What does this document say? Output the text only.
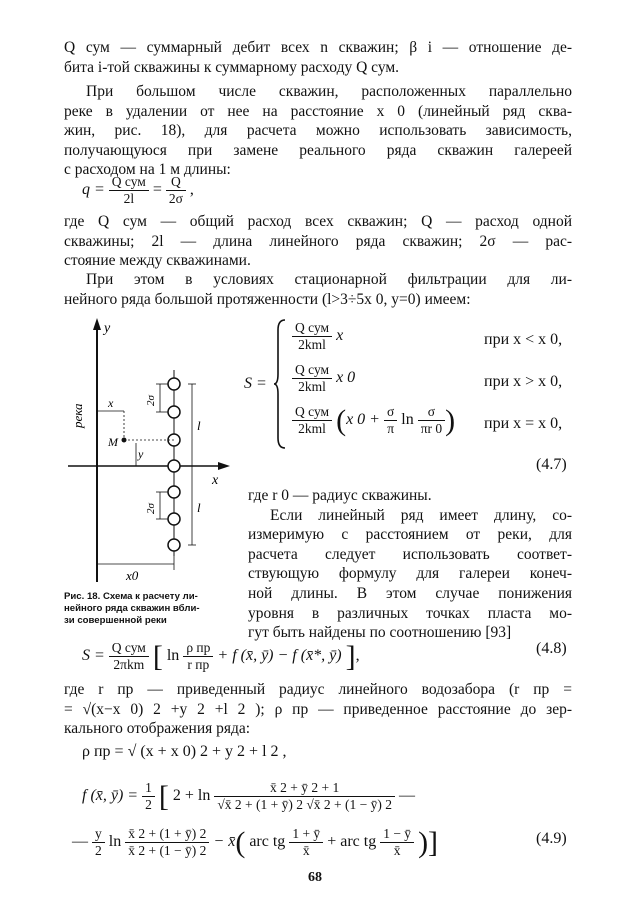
Q сум — суммарный дебит всех n скважин; β i — отношение де-
бита i-той скважины к суммарному расходу Q сум.
При большом числе скважин, расположенных параллельно
реке в удалении от нее на расстояние x 0 (линейный ряд сква-
жин, рис. 18), для расчета можно использовать зависимость,
получающуюся при замене реального ряда скважин галереей
с расходом на 1 м длины:
$q = \frac{\text{Q сум}}{2l} = \frac{Q}{2\sigma}$ ,
где Q сум — общий расход всех скважин; Q — расход одной
скважины; 2l — длина линейного ряда скважин; 2σ — рас-
стояние между скважинами.
При этом в условиях стационарной фильтрации для ли-
нейного ряда большой протяженности (l>3÷5x 0, y=0) имеем:
y
река
x
2σ
2σ
l
l
M
x
y
x0
Рис. 18. Схема к расчету ли-
нейного ряда скважин вбли-
зи совершенной реки
S =
$\frac{\text{Q сум}}{\text{2kml}}$ x	при x < x 0,
$\frac{\text{Q сум}}{\text{2kml}}$ x 0	при x > x 0,
$\frac{\text{Q сум}}{\text{2kml}} (x$ $0 + \frac{\sigma}{\pi}$ $\ln \frac{\sigma}{\pi r 0}$ ) при x = x 0,
(4.7)
где r 0 — радиус скважины.
Если линейный ряд имеет длину, со-
измеримую с расстоянием от реки, для
расчета следует использовать соответ-
ствующую формулу для галереи конеч-
ной длины. В этом случае понижения
уровня в различных точках пласта мо-
гут быть найдены по соотношению [93]
$S = \frac{\text{Q сум}}{\text{2πkm}}$ [ $\ln \frac{\text{ρ пр}}{\text{r пр}} + f$ (x̄, ȳ) − f (x̄*, ȳ) ],	(4.8)
где r пр — приведенный радиус линейного водозабора (r пр =
= √(x−x 0) 2 +y 2 +l 2 ); ρ пр — приведенное расстояние до зер-
кального отображения ряда:
ρ пр = √ (x + x 0) 2 + y 2 + l 2 ,
f (x̄, ȳ) = $\frac{1}{2}$ [ $2 + \ln \frac{x̄ 2 + ȳ 2 + 1}{√x̄ 2 + (1 + ȳ) 2 √x̄ 2 + (1 - ȳ) 2}$ —
— $\frac{y}{2}$ $\ln \frac{x̄ 2 + (1 + ȳ) 2}{x̄ 2 + (1 - ȳ) 2}$ − x̄( arc tg $\frac{1 + ȳ}{x̄}$ + arc tg $\frac{1 - ȳ}{x̄}$ )]	(4.9)
68
